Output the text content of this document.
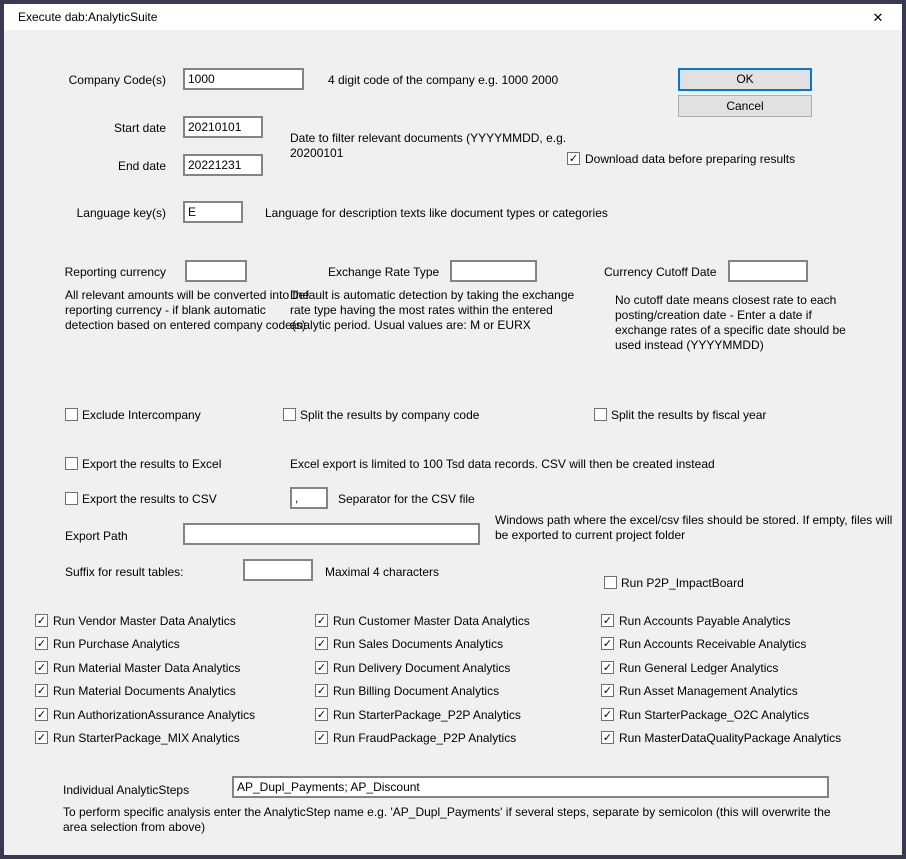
Execute dab:AnalyticSuite	✕
Company Code(s)
1000	4 digit code of the company e.g. 1000 2000	OK
Cancel
Start date
20210101
End date
20221231
Date to filter relevant documents (YYYYMMDD, e.g. 20200101	✓ Download data before preparing results
Language key(s)
E	Language for description texts like document types or categories
Reporting currency	Exchange Rate Type	Currency Cutoff Date
All relevant amounts will be converted into the reporting currency - if blank automatic detection based on entered company code(s)
Default is automatic detection by taking the exchange rate type having the most rates within the entered analytic period. Usual values are: M or EURX
No cutoff date means closest rate to each posting/creation date - Enter a date if exchange rates of a specific date should be used instead (YYYYMMDD)
Exclude Intercompany	Split the results by company code	Split the results by fiscal year
Export the results to Excel	Excel export is limited to 100 Tsd data records. CSV will then be created instead
Export the results to CSV
,	Separator for the CSV file
Export Path
Windows path where the excel/csv files should be stored. If empty, files will be exported to current project folder
Suffix for result tables:	Maximal 4 characters
Run P2P_ImpactBoard
✓ Run Vendor Master Data Analytics
✓ Run Purchase Analytics
✓ Run Material Master Data Analytics
✓ Run Material Documents Analytics
✓ Run AuthorizationAssurance Analytics
✓ Run StarterPackage_MIX Analytics
✓ Run Customer Master Data Analytics
✓ Run Sales Documents Analytics
✓ Run Delivery Document Analytics
✓ Run Billing Document Analytics
✓ Run StarterPackage_P2P Analytics
✓ Run FraudPackage_P2P Analytics
✓ Run Accounts Payable Analytics
✓ Run Accounts Receivable Analytics
✓ Run General Ledger Analytics
✓ Run Asset Management Analytics
✓ Run StarterPackage_O2C Analytics
✓ Run MasterDataQualityPackage Analytics
Individual AnalyticSteps
AP_Dupl_Payments; AP_Discount
To perform specific analysis enter the AnalyticStep name e.g. 'AP_Dupl_Payments' if several steps, separate by semicolon (this will overwrite the area selection from above)
